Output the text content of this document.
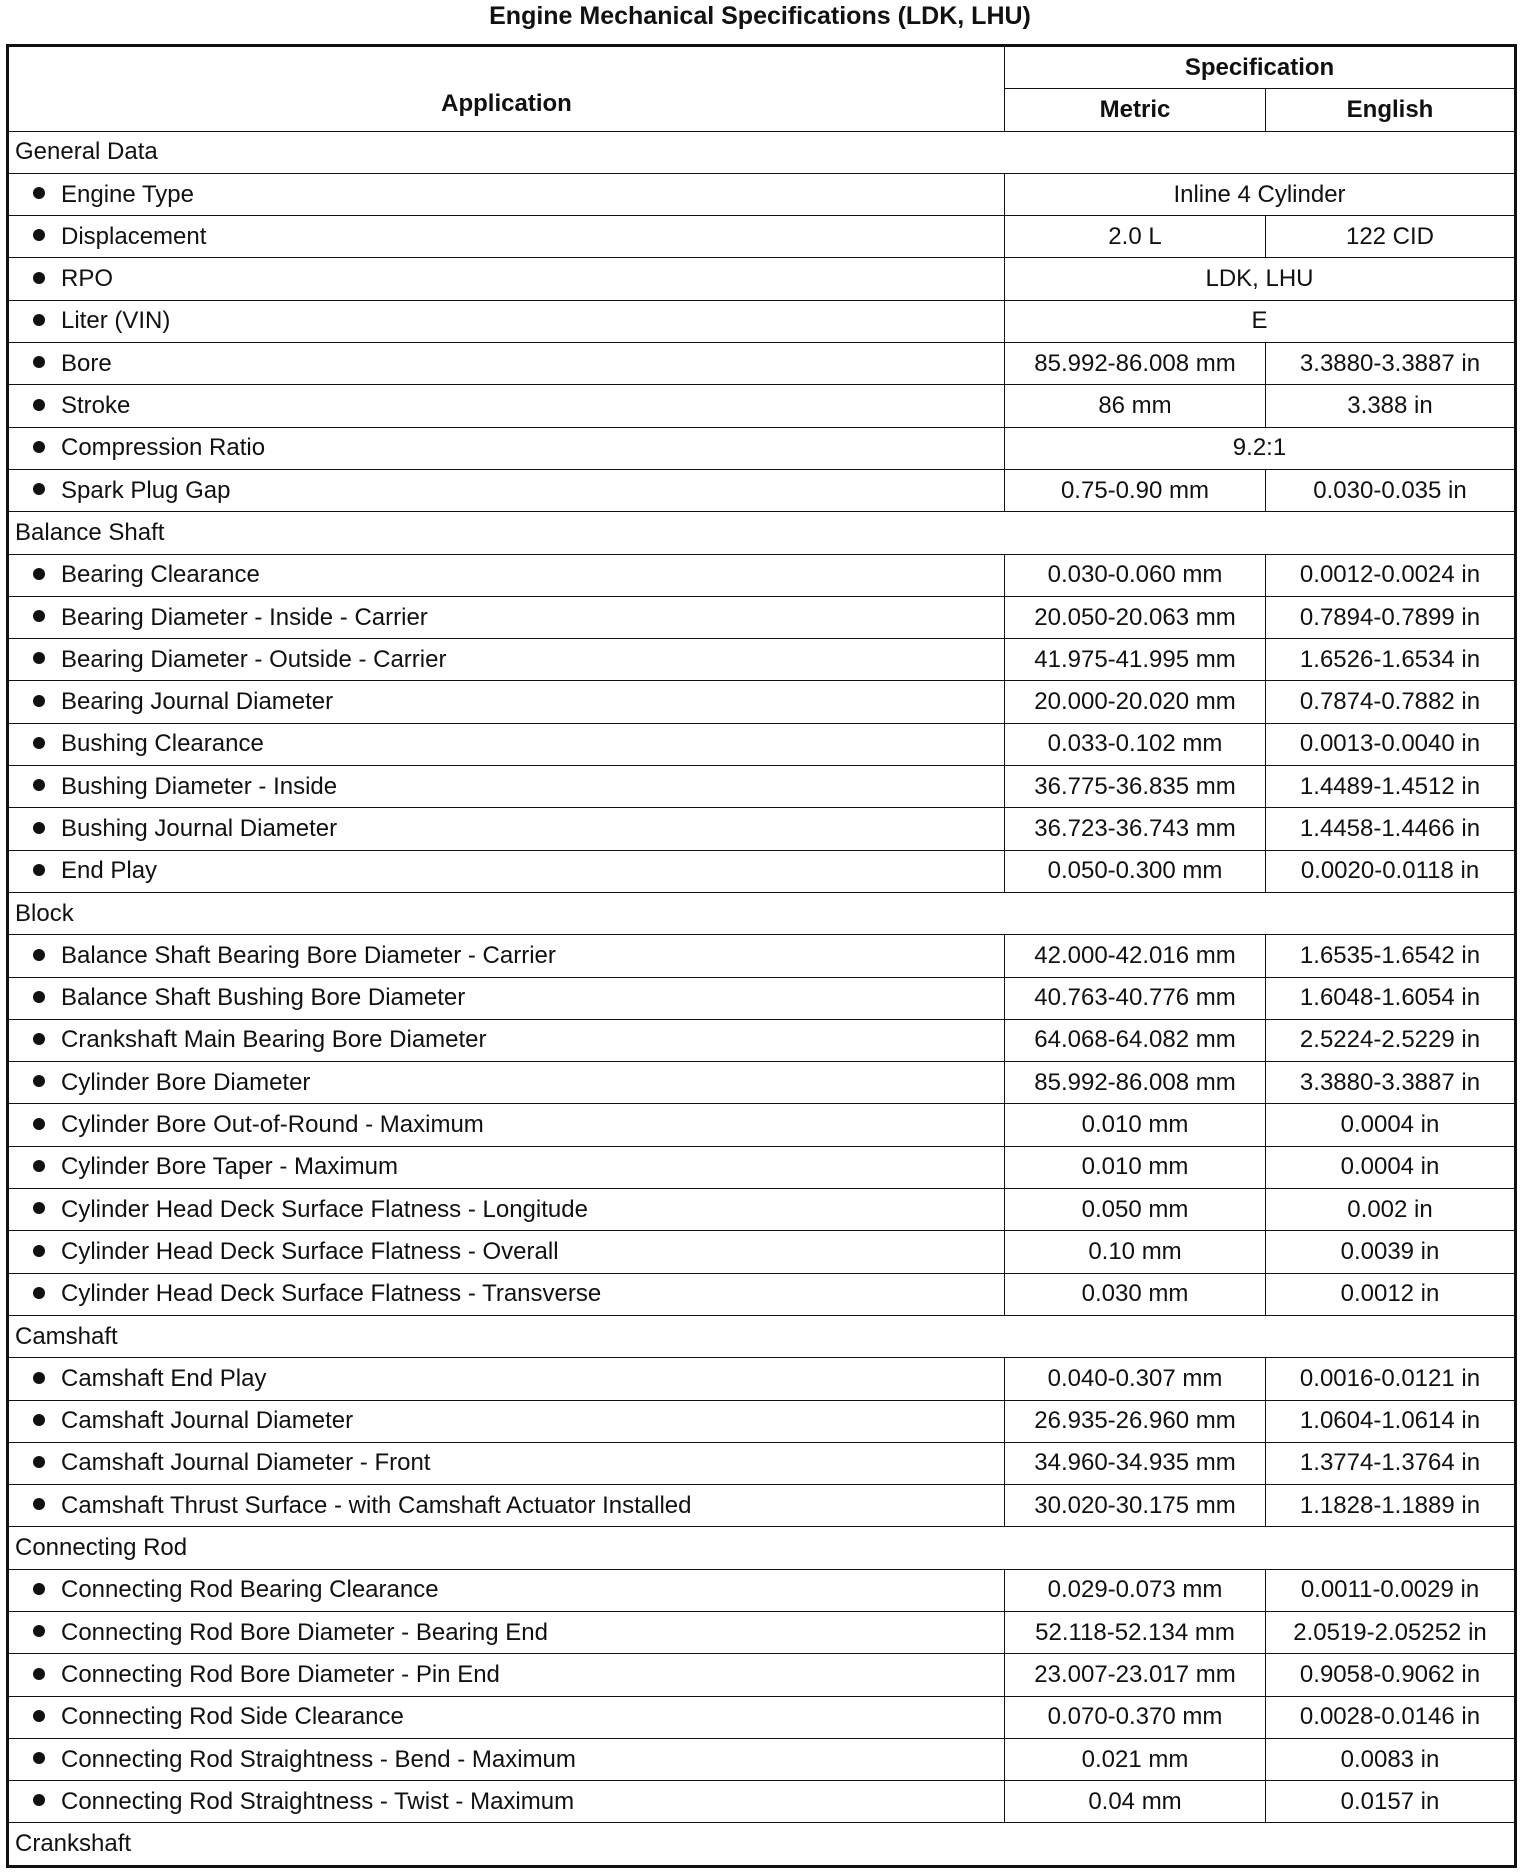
Engine Mechanical Specifications (LDK, LHU)
Application	Specification	
	Metric	English
General Data		
Engine Type	Inline 4 Cylinder	
Displacement	2.0 L	122 CID
RPO	LDK, LHU	
Liter (VIN)	E	
Bore	85.992-86.008 mm	3.3880-3.3887 in
Stroke	86 mm	3.388 in
Compression Ratio	9.2:1	
Spark Plug Gap	0.75-0.90 mm	0.030-0.035 in
Balance Shaft		
Bearing Clearance	0.030-0.060 mm	0.0012-0.0024 in
Bearing Diameter - Inside - Carrier	20.050-20.063 mm	0.7894-0.7899 in
Bearing Diameter - Outside - Carrier	41.975-41.995 mm	1.6526-1.6534 in
Bearing Journal Diameter	20.000-20.020 mm	0.7874-0.7882 in
Bushing Clearance	0.033-0.102 mm	0.0013-0.0040 in
Bushing Diameter - Inside	36.775-36.835 mm	1.4489-1.4512 in
Bushing Journal Diameter	36.723-36.743 mm	1.4458-1.4466 in
End Play	0.050-0.300 mm	0.0020-0.0118 in
Block		
Balance Shaft Bearing Bore Diameter - Carrier	42.000-42.016 mm	1.6535-1.6542 in
Balance Shaft Bushing Bore Diameter	40.763-40.776 mm	1.6048-1.6054 in
Crankshaft Main Bearing Bore Diameter	64.068-64.082 mm	2.5224-2.5229 in
Cylinder Bore Diameter	85.992-86.008 mm	3.3880-3.3887 in
Cylinder Bore Out-of-Round - Maximum	0.010 mm	0.0004 in
Cylinder Bore Taper - Maximum	0.010 mm	0.0004 in
Cylinder Head Deck Surface Flatness - Longitude	0.050 mm	0.002 in
Cylinder Head Deck Surface Flatness - Overall	0.10 mm	0.0039 in
Cylinder Head Deck Surface Flatness - Transverse	0.030 mm	0.0012 in
Camshaft		
Camshaft End Play	0.040-0.307 mm	0.0016-0.0121 in
Camshaft Journal Diameter	26.935-26.960 mm	1.0604-1.0614 in
Camshaft Journal Diameter - Front	34.960-34.935 mm	1.3774-1.3764 in
Camshaft Thrust Surface - with Camshaft Actuator Installed	30.020-30.175 mm	1.1828-1.1889 in
Connecting Rod		
Connecting Rod Bearing Clearance	0.029-0.073 mm	0.0011-0.0029 in
Connecting Rod Bore Diameter - Bearing End	52.118-52.134 mm	2.0519-2.05252 in
Connecting Rod Bore Diameter - Pin End	23.007-23.017 mm	0.9058-0.9062 in
Connecting Rod Side Clearance	0.070-0.370 mm	0.0028-0.0146 in
Connecting Rod Straightness - Bend - Maximum	0.021 mm	0.0083 in
Connecting Rod Straightness - Twist - Maximum	0.04 mm	0.0157 in
Crankshaft		
